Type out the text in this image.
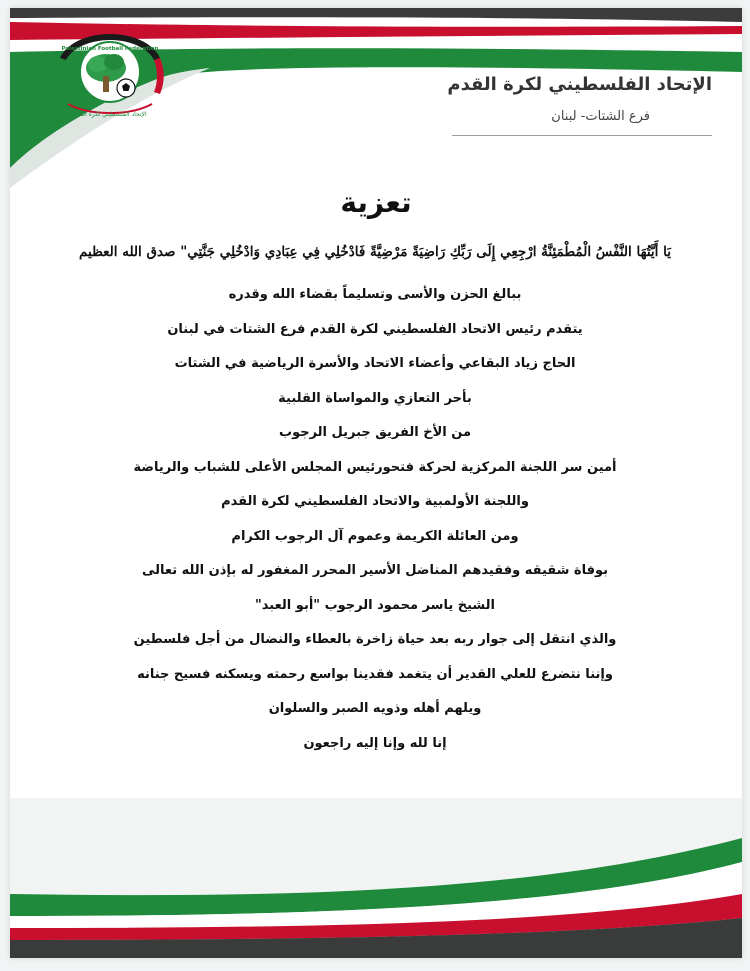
Palestinian Football Federation
الإتحاد الفلسطيني لكرة القدم
الإتحاد الفلسطيني لكرة القدم
فرع الشتات- لبنان
تعزية
يَا أَيَّتُهَا النَّفْسُ الْمُطْمَئِنَّةُ ارْجِعِي إِلَى رَبِّكِ رَاضِيَةً مَرْضِيَّةً فَادْخُلِي فِي عِبَادِي وَادْخُلِي جَنَّتِي" صدق الله العظيم
ببالغ الحزن والأسى وتسليماً بقضاء الله وقدره
يتقدم رئيس الاتحاد الفلسطيني لكرة القدم فرع الشتات في لبنان
الحاج زياد البقاعي وأعضاء الاتحاد والأسرة الرياضية في الشتات
بأحر التعازي والمواساة القلبية
من الأخ الفريق جبريل الرجوب
أمين سر اللجنة المركزية لحركة فتحورئيس المجلس الأعلى للشباب والرياضة
واللجنة الأولمبية والاتحاد الفلسطيني لكرة القدم
ومن العائلة الكريمة وعموم آل الرجوب الكرام
بوفاة شقيقه وفقيدهم المناضل الأسير المحرر المغفور له بإذن الله تعالى
الشيخ ياسر محمود الرجوب "أبو العبد"
والذي انتقل إلى جوار ربه بعد حياة زاخرة بالعطاء والنضال من أجل فلسطين
وإننا نتضرع للعلي القدير أن يتغمد فقدينا بواسع رحمته ويسكنه فسيح جنانه
ويلهم أهله وذويه الصبر والسلوان
إنا لله وإنا إليه راجعون
